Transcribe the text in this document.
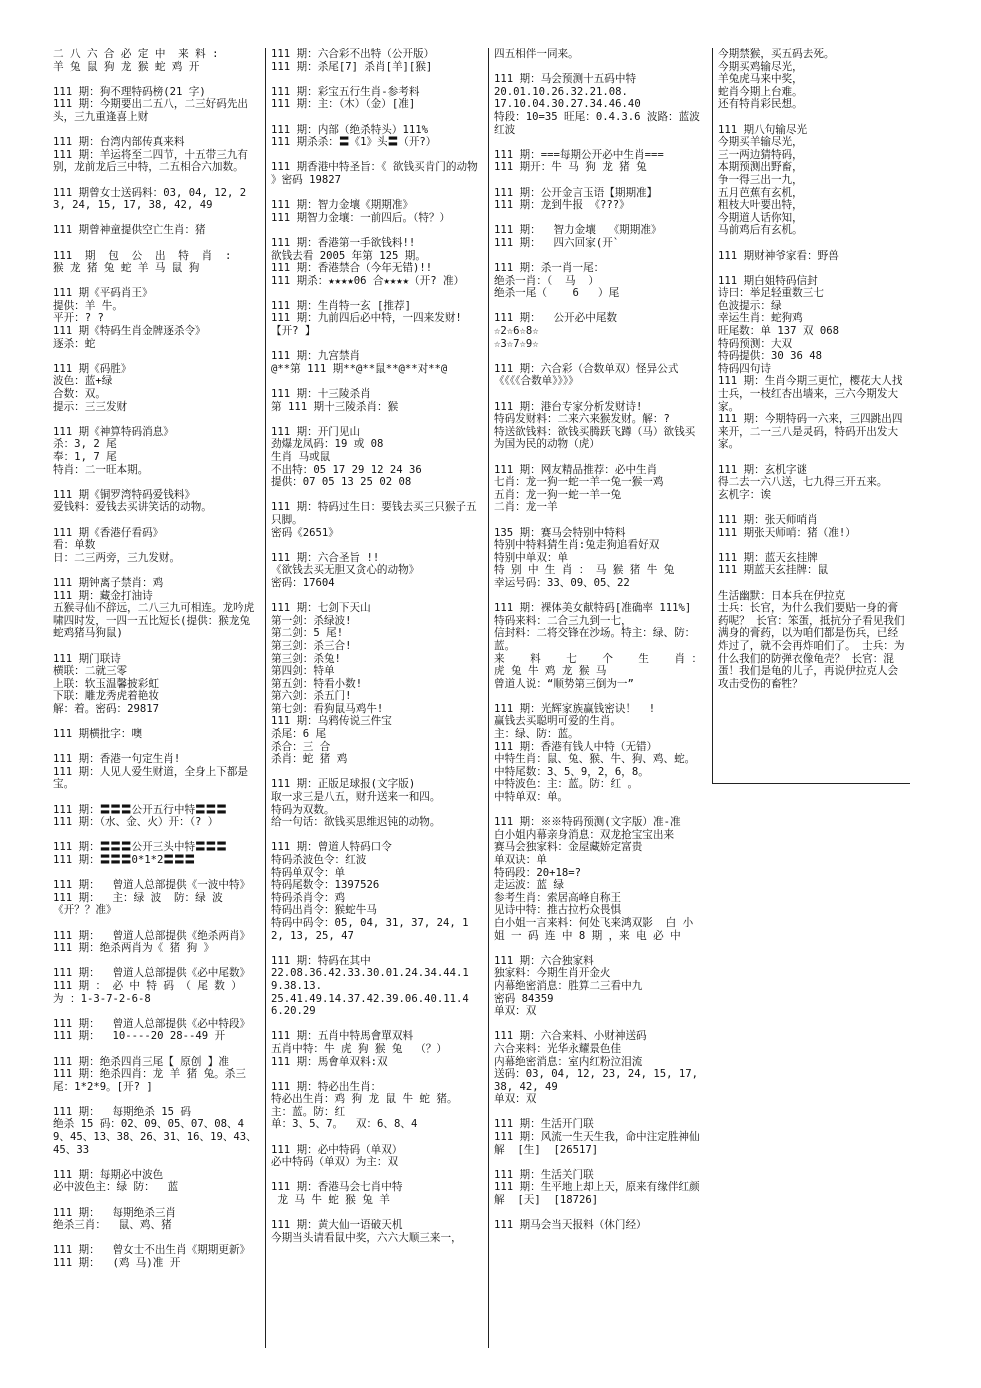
二 八 六 合 必 定 中  来 料 :
羊 兔 鼠 狗 龙 猴 蛇 鸡 开
111 期：狗不理特码榜(21 字)
111 期：今期要出二五八，二三好码先出头，三九重逢喜上财
111 期：台湾内部传真来料
111 期：羊运将至二四节，十五带三九有别，龙前龙后三中特，二五相合六加数。
111 期曾女士送码料：03, 04, 12, 23, 24, 15, 17, 38, 42, 49
111 期曾神童提供空亡生肖：猪
111  期  包  公  出  特  肖  :
猴 龙 猪 兔 蛇 羊 马 鼠 狗
111 期《平码肖王》
提供：羊 牛。
平开：? ?
111 期《特码生肖金牌逐杀令》
逐杀：蛇
111 期《码胜》
波色：蓝+绿
合数：双。
提示：三三发财
111 期《神算特码消息》
杀：3, 2 尾
奉：1, 7 尾
特肖：二一旺本期。
111 期《铜罗湾特码爱钱料》
爱钱料：爱钱去买讲笑话的动物。
111 期《香港仔看码》
看：单数
日：二三两旁，三九发财。
111 期钟离子禁肖：鸡
111 期：藏金打油诗
五猴寻仙不辞远，二八三九可相连。龙吟虎啸四时发，一四一五比短长(提供：猴龙兔蛇鸡猪马狗鼠)
111 期门联诗
横联：二就三零
上联：软玉温馨披彩虹
下联：雕龙秀虎着艳妆
解：着。密码：29817
111 期横批字：噢
111 期：香港一句定生肖!
111 期：人见人爱生财道，全身上下都是宝。
111 期：〓〓〓公开五行中特〓〓〓
111 期：（水、金、火）开：（? ）
111 期：〓〓〓公开三头中特〓〓〓
111 期：〓〓〓0*1*2〓〓〓
111 期：  曾道人总部提供《一波中特》
111 期：  主：绿 波  防：绿 波《开？？准》
111 期：  曾道人总部提供《绝杀两肖》
111 期：绝杀两肖为《 猪 狗 》
111 期：  曾道人总部提供《必中尾数》
111 期 ： 必 中 特 码 （ 尾 数 ） 为 ：1-3-7-2-6-8
111 期：  曾道人总部提供《必中特段》
111 期：  10----20 28--49 开
111 期：绝杀四肖三尾【 原创 】准
111 期：绝杀四肖：龙 羊 猪 兔。杀三尾：1*2*9。[开? ]
111 期：  每期绝杀 15 码
绝杀 15 码：02、09、05、07、08、49、45、13、38、26、31、16、19、43、45、33
111 期：每期必中波色
必中波色主：绿 防：  蓝
111 期：  每期绝杀三肖
绝杀三肖：  鼠、鸡、猪
111 期：  曾女士不出生肖《期期更新》
111 期：  (鸡 马)准 开
111 期：六合彩不出特（公开版）
111 期：杀尾[7] 杀肖[羊][猴]
111 期：彩宝五行生肖-参考料
111 期：主：（木）（金）[准]
111 期：内部（绝杀特头）111%
111 期杀杀：〓《1》头〓（开?）
111 期香港中特圣旨：《 欲钱买肯门的动物 》密码 19827
111 期：智力金壤《期期准》
111 期智力金壤：一前四后。（特？）
111 期：香港第一手欲钱料!!
欲钱去看 2005 年第 125 期。
111 期：香港禁合（今年无错)!!
111 期杀：★★★★06 合★★★★（开? 准）
111 期：生肖特一玄 [推荐]
111 期：九前四后必中特，一四来发财!【开? 】
111 期：九宫禁肖
@**第 111 期**@**鼠**@**对**@
111 期：十三陵杀肖
第 111 期十三陵杀肖：猴
111 期：开门见山
劲爆龙凤码：19 或 08
生肖 马或鼠
不出特：05 17 29 12 24 36
提供：07 05 13 25 02 08
111 期：特码过生日：要钱去买三只猴子五只脚。
密码《2651》
111 期：六合圣旨 !!
《欲钱去买无胆又贪心的动物》
密码：17604
111 期：七剑下天山
第一剑：杀绿波!
第二剑：5 尾!
第三剑：杀三合!
第三剑：杀兔!
第四剑：特单
第五剑：特看小数!
第六剑：杀五门!
第七剑：看狗鼠马鸡牛!
111 期：乌鸦传说三件宝
杀尾：6 尾
杀合：三 合
杀肖：蛇 猪 鸡
111 期：正版足球报(文字版)
取一求三是八五，财升送来一和四。
特码为双数。
给一句话：欲钱买思维迟钝的动物。
111 期：曾道人特码口令
特码杀波色令：红波
特码单双令：单
特码尾数令：1397526
特码杀肖令：鸡
特码出肖令：猴蛇牛马
特码中码令：05, 04, 31, 37, 24, 12, 13, 25, 47
111 期：特码在其中
22.08.36.42.33.30.01.24.34.44.19.38.13.
25.41.49.14.37.42.39.06.40.11.46.20.29
111 期：五肖中特馬會單双料
五肖中特：牛 虎 狗 猴 兔  （？）
111 期：馬會单双料:双
111 期：特必出生肖：
特必出生肖：鸡 狗 龙 鼠 牛 蛇 猪。
主：蓝。防：红
单：3、5、7。  双：6、8、4
111 期：必中特码（单双）
必中特码（单双）为主：双
111 期：香港马会七肖中特
龙 马 牛 蛇 猴 兔 羊
111 期：黄大仙一语破天机
今期当头请看鼠中奖，六六大顺三来一，
四五相伴一同来。
111 期：马会预测十五码中特
20.01.10.26.32.21.08.
17.10.04.30.27.34.46.40
特段：10=35 旺尾：0.4.3.6 波路：蓝波红波
111 期：===每期公开必中生肖===
111 期开：牛 马 狗 龙 猪 兔
111 期：公开金言玉语【期期准】
111 期：龙到牛报 《???》
111 期：  智力金壤  《期期准》
111 期：  四六回家(开`
111 期：杀一肖一尾：
绝杀一肖：（  马  ）
绝杀一尾（    6   ）尾
111 期：  公开必中尾数
☆2☆6☆8☆
☆3☆7☆9☆
111 期：六合彩（合数单双）怪异公式
《《《《合数单》》》》
111 期：港台专家分析发财诗!
特码发财料：二来六来猴发财。解：?
特送欲钱料：欲钱买腾跃飞蹲（马）欲钱买为国为民的动物（虎）
111 期：网友精品推荐：必中生肖
七肖：龙一狗一蛇一羊一兔一猴一鸡
五肖：龙一狗一蛇一羊一兔
二肖：龙一羊
135 期：赛马会特别中特料
特别中特料猜生肖:兔走狗追看好双
特别中单双：单
特 别 中 生 肖 ： 马 猴 猪 牛 兔
幸运号码：33、09、05、22
111 期：裸体美女献特码[准确率 111%]
特码来料：二合三九到一七，
信封料：二将交锋在沙场。特主：绿、防：蓝。
来    料    七    个    生    肖 ：
虎 兔 牛 鸡 龙 猴 马
曾道人说：“顺势第三倒为一”
111 期：光辉家族赢钱密诀！  !
赢钱去买聪明可爱的生肖。
主：绿、防：蓝。
111 期：香港有钱人中特（无错）
中特生肖：鼠、兔、猴、牛、狗、鸡、蛇。
中特尾数：3、5、9，2，6，8。
中特波色：主：蓝。防：红 。
中特单双：单。
111 期：※※特码预测(文字版）准-准
白小姐内幕亲身消息：双龙抢宝宝出来
赛马会独家料：金屋藏娇定富贵
单双诀：单
特码段：20+18=?
走运波：蓝 绿
参考生肖：索居高峰自称王
见诗中特：推古拉朽众畏惧
白小姐一言来料：何处飞来鸿双影  白 小 姐 一 码 连 中 8 期 ，来 电 必 中
111 期：六合独家料
独家料：今期生肖开金火
内幕绝密消息：胜算二三看中九
密码 84359
单双：双
111 期：六合来料、小财神送码
六合来料：光华永耀景色佳
内幕绝密消息：室内红粉泣泪流
送码：03, 04, 12, 23, 24, 15, 17, 38, 42, 49
单双：双
111 期：生活开门联
111 期：风流一生天生我，命中注定胜神仙
解  [生]  [26517]
111 期：生活关门联
111 期：生平地上却上天，原来有缘伴红颜
解  [天]  [18726]
111 期马会当天报料（休门经）
今期禁猴，买五码去死。
今期买鸡输尽光，
羊兔虎马来中奖，
蛇肖今期上台难。
还有特肖彩民想。
111 期八句输尽光
今期买羊输尽光，
三一两边猜特码，
本期预测出野畜，
争一得三出一九，
五月芭蕉有玄机，
粗枝大叶要出特，
今期道人话你知，
马前鸡后有玄机。
111 期财神爷家看：野兽
111 期白姐特码信封
诗曰：举足轻重数三七
色波提示：绿
幸运生肖：蛇狗鸡
旺尾数：单 137 双 068
特码预测：大双
特码提供：30 36 48
特码四句诗
111 期：生肖今期三更忙，樱花大人找士兵，一枝红杏出墙来，三六今期发大家。
111 期：今期特码一六来，三四跳出四来开，二一三八是灵码，特码开出发大家。
111 期：玄机字谜
得二去一六八送，七九得三开五来。
玄机字：诶
111 期：张天师哨肖
111 期张天师哨：猪（准!）
111 期：蓝天玄挂牌
111 期蓝天玄挂牌：鼠
生活幽默：日本兵在伊拉克
士兵：长官，为什么我们要贴一身的膏药呢？ 长官：笨蛋，抵抗分子看见我们满身的膏药，以为咱们都是伤兵，已经炸过了，就不会再炸咱们了。 士兵：为什么我们的防弹衣像龟壳？ 长官：混蛋！我们是龟的儿子，再说伊拉克人会攻击受伤的畜牲？
